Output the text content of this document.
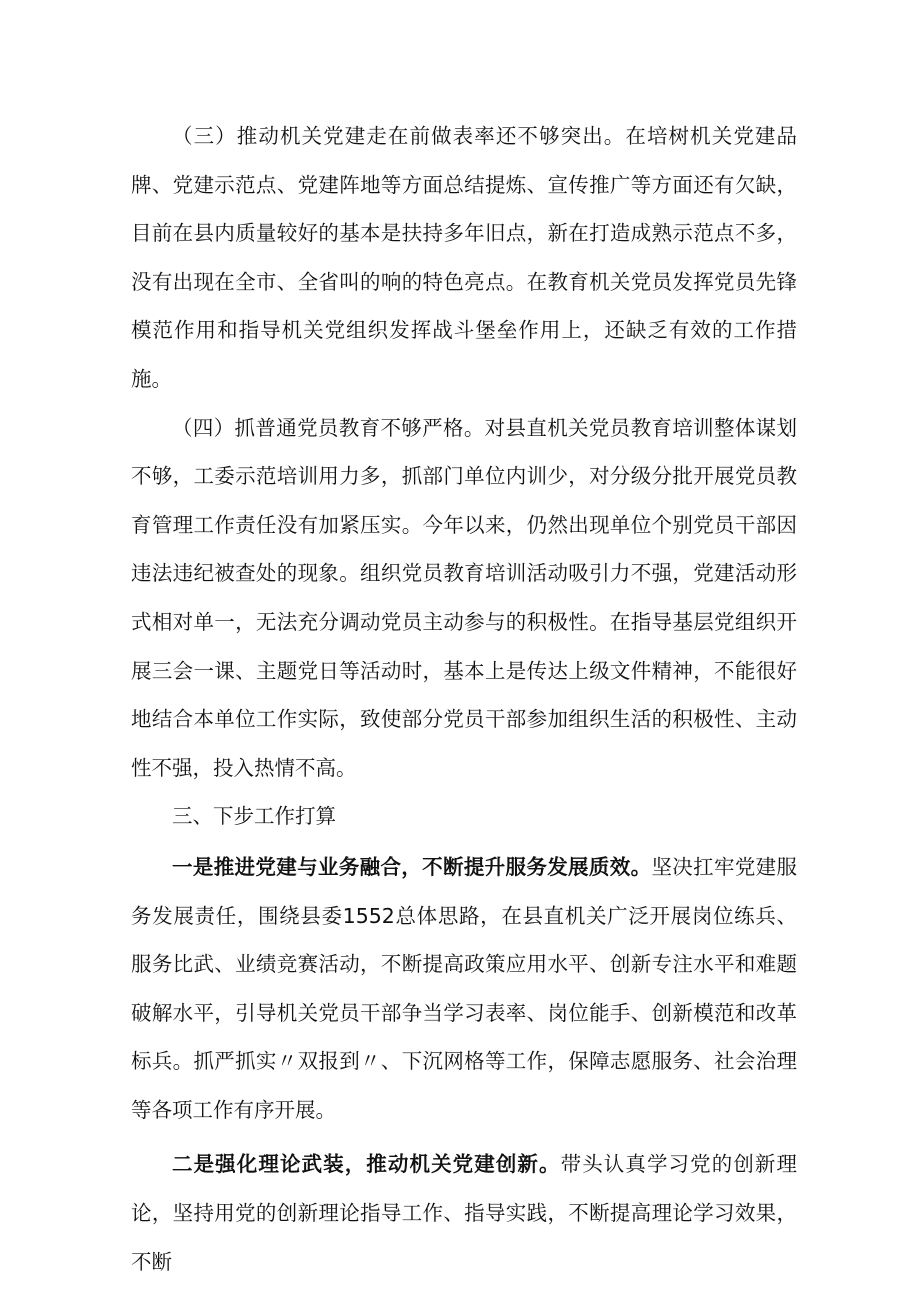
（三）推动机关党建走在前做表率还不够突出。在培树机关党建品牌、党建示范点、党建阵地等方面总结提炼、宣传推广等方面还有欠缺，目前在县内质量较好的基本是扶持多年旧点，新在打造成熟示范点不多，没有出现在全市、全省叫的响的特色亮点。在教育机关党员发挥党员先锋模范作用和指导机关党组织发挥战斗堡垒作用上，还缺乏有效的工作措施。

（四）抓普通党员教育不够严格。对县直机关党员教育培训整体谋划不够，工委示范培训用力多，抓部门单位内训少，对分级分批开展党员教育管理工作责任没有加紧压实。今年以来，仍然出现单位个别党员干部因违法违纪被查处的现象。组织党员教育培训活动吸引力不强，党建活动形式相对单一，无法充分调动党员主动参与的积极性。在指导基层党组织开展三会一课、主题党日等活动时，基本上是传达上级文件精神，不能很好地结合本单位工作实际，致使部分党员干部参加组织生活的积极性、主动性不强，投入热情不高。

三、下步工作打算

一是推进党建与业务融合，不断提升服务发展质效。坚决扛牢党建服务发展责任，围绕县委1552总体思路，在县直机关广泛开展岗位练兵、服务比武、业绩竞赛活动，不断提高政策应用水平、创新专注水平和难题破解水平，引导机关党员干部争当学习表率、岗位能手、创新模范和改革标兵。抓严抓实〃双报到〃、下沉网格等工作，保障志愿服务、社会治理等各项工作有序开展。

二是强化理论武装，推动机关党建创新。带头认真学习党的创新理论，坚持用党的创新理论指导工作、指导实践，不断提高理论学习效果，不断
